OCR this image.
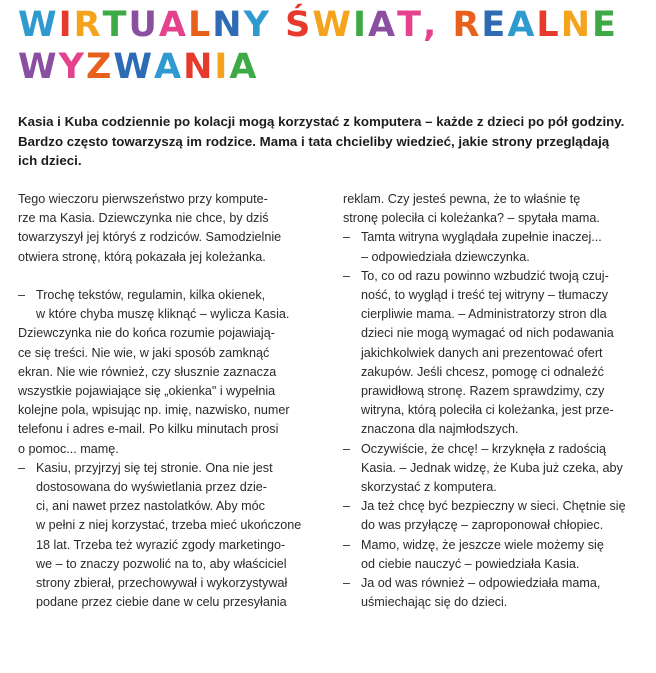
WIRTUALNY ŚWIAT, REALNE
WYZWANIA
Kasia i Kuba codziennie po kolacji mogą korzystać z komputera – każde z dzieci po pół godziny.
Bardzo często towarzyszą im rodzice. Mama i tata chcieliby wiedzieć, jakie strony przeglądają
ich dzieci.

Tego wieczoru pierwszeństwo przy kompute-
rze ma Kasia. Dziewczynka nie chce, by dziś
towarzyszył jej któryś z rodziców. Samodzielnie
otwiera stronę, którą pokazała jej koleżanka.

– Trochę tekstów, regulamin, kilka okienek,
w które chyba muszę kliknąć – wylicza Kasia.

Dziewczynka nie do końca rozumie pojawiają-
ce się treści. Nie wie, w jaki sposób zamknąć
ekran. Nie wie również, czy słusznie zaznacza
wszystkie pojawiające się „okienka" i wypełnia
kolejne pola, wpisując np. imię, nazwisko, numer
telefonu i adres e-mail. Po kilku minutach prosi
o pomoc... mamę.

– Kasiu, przyjrzyj się tej stronie. Ona nie jest
dostosowana do wyświetlania przez dzie-
ci, ani nawet przez nastolatków. Aby móc
w pełni z niej korzystać, trzeba mieć ukończone
18 lat. Trzeba też wyrazić zgody marketingo-
we – to znaczy pozwolić na to, aby właściciel
strony zbierał, przechowywał i wykorzystywał
podane przez ciebie dane w celu przesyłania

reklam. Czy jesteś pewna, że to właśnie tę
stronę poleciła ci koleżanka? – spytała mama.

– Tamta witryna wyglądała zupełnie inaczej...
– odpowiedziała dziewczynka.

– To, co od razu powinno wzbudzić twoją czuj-
ność, to wygląd i treść tej witryny – tłumaczy
cierpliwie mama. – Administratorzy stron dla
dzieci nie mogą wymagać od nich podawania
jakichkolwiek danych ani prezentować ofert
zakupów. Jeśli chcesz, pomogę ci odnaleźć
prawidłową stronę. Razem sprawdzimy, czy
witryna, którą poleciła ci koleżanka, jest prze-
znaczona dla najmłodszych.

– Oczywiście, że chcę! – krzyknęła z radością
Kasia. – Jednak widzę, że Kuba już czeka, aby
skorzystać z komputera.

– Ja też chcę być bezpieczny w sieci. Chętnie się
do was przyłączę – zaproponował chłopiec.

– Mamo, widzę, że jeszcze wiele możemy się
od ciebie nauczyć – powiedziała Kasia.

– Ja od was również – odpowiedziała mama,
uśmiechając się do dzieci.
